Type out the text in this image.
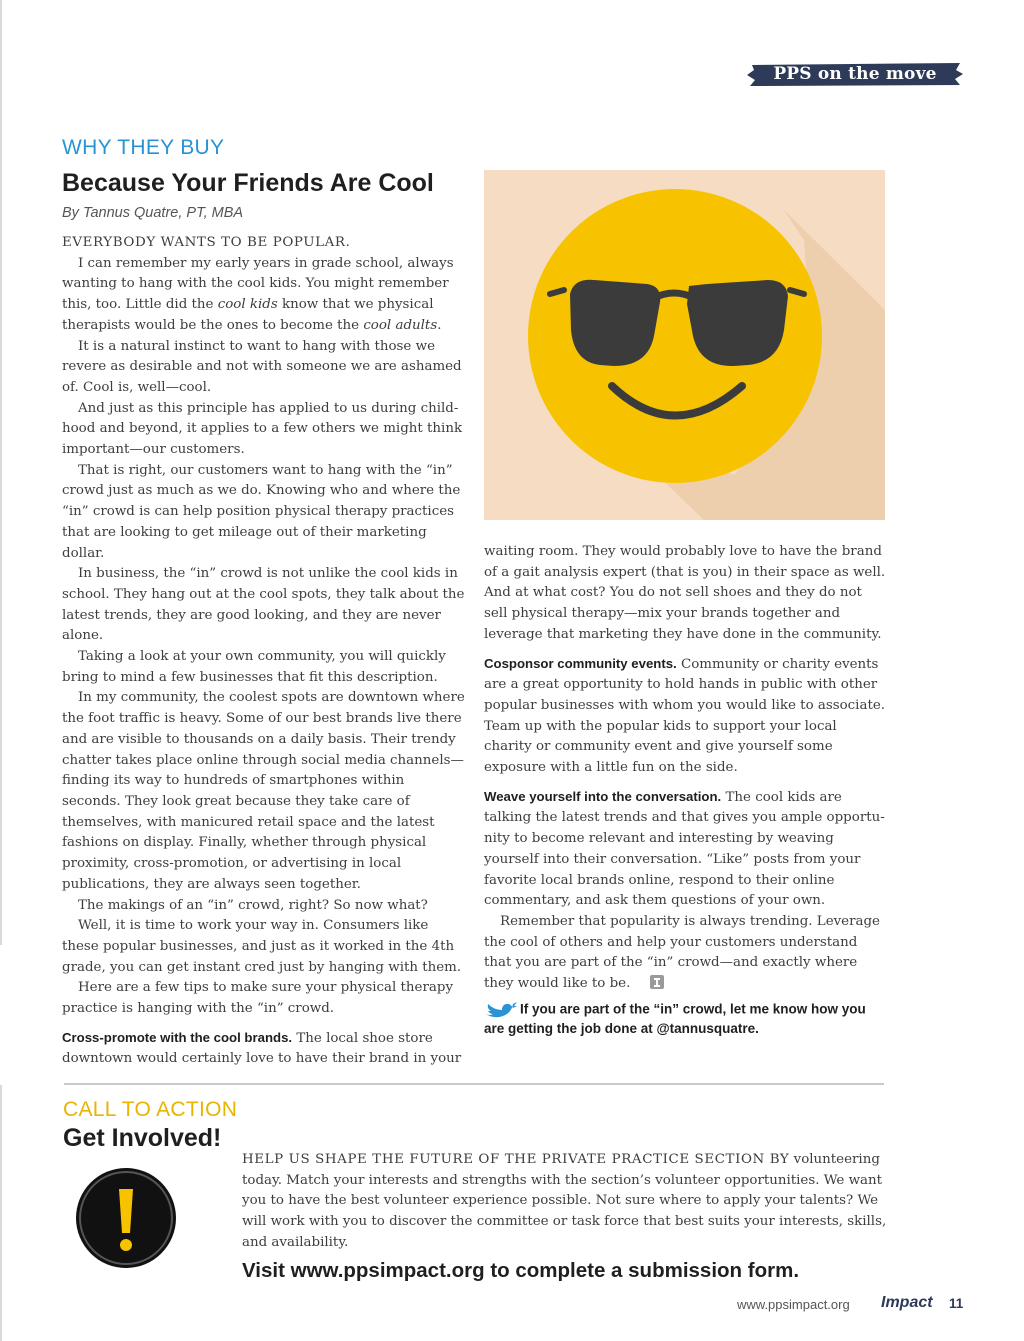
PPS on the move
WHY THEY BUY
Because Your Friends Are Cool
By Tannus Quatre, PT, MBA

EVERYBODY WANTS TO BE POPULAR.

I can remember my early years in grade school, always wanting to hang with the cool kids. You might remember this, too. Little did the cool kids know that we physical therapists would be the ones to become the cool adults.

It is a natural instinct to want to hang with those we revere as desirable and not with someone we are ashamed of. Cool is, well—cool.

And just as this principle has applied to us during childhood and beyond, it applies to a few others we might think important—our customers.

That is right, our customers want to hang with the “in” crowd just as much as we do. Knowing who and where the “in” crowd is can help position physical therapy practices that are looking to get mileage out of their marketing dollar.

In business, the “in” crowd is not unlike the cool kids in school. They hang out at the cool spots, they talk about the latest trends, they are good looking, and they are never alone.

Taking a look at your own community, you will quickly bring to mind a few businesses that fit this description.

In my community, the coolest spots are downtown where the foot traffic is heavy. Some of our best brands live there and are visible to thousands on a daily basis. Their trendy chatter takes place online through social media channels—finding its way to hundreds of smartphones within seconds. They look great because they take care of themselves, with manicured retail space and the latest fashions on display. Finally, whether through physical proximity, cross-promotion, or advertising in local publications, they are always seen together.

The makings of an “in” crowd, right? So now what?

Well, it is time to work your way in. Consumers like these popular businesses, and just as it worked in the 4th grade, you can get instant cred just by hanging with them.

Here are a few tips to make sure your physical therapy practice is hanging with the “in” crowd.

Cross-promote with the cool brands. The local shoe store downtown would certainly love to have their brand in your

waiting room. They would probably love to have the brand of a gait analysis expert (that is you) in their space as well. And at what cost? You do not sell shoes and they do not sell physical therapy—mix your brands together and leverage that marketing they have done in the community.

Cosponsor community events. Community or charity events are a great opportunity to hold hands in public with other popular businesses with whom you would like to associate. Team up with the popular kids to support your local charity or community event and give yourself some exposure with a little fun on the side.

Weave yourself into the conversation. The cool kids are talking the latest trends and that gives you ample opportunity to become relevant and interesting by weaving yourself into their conversation. “Like” posts from your favorite local brands online, respond to their online commentary, and ask them questions of your own.

Remember that popularity is always trending. Leverage the cool of others and help your customers understand that you are part of the “in” crowd—and exactly where they would like to be.

If you are part of the “in” crowd, let me know how you are getting the job done at @tannusquatre.
CALL TO ACTION
Get Involved!
HELP US SHAPE THE FUTURE OF THE PRIVATE PRACTICE SECTION BY volunteering today. Match your interests and strengths with the section’s volunteer opportunities. We want you to have the best volunteer experience possible. Not sure where to apply your talents? We will work with you to discover the committee or task force that best suits your interests, skills, and availability.
Visit www.ppsimpact.org to complete a submission form.
www.ppsimpact.org Impact 11
